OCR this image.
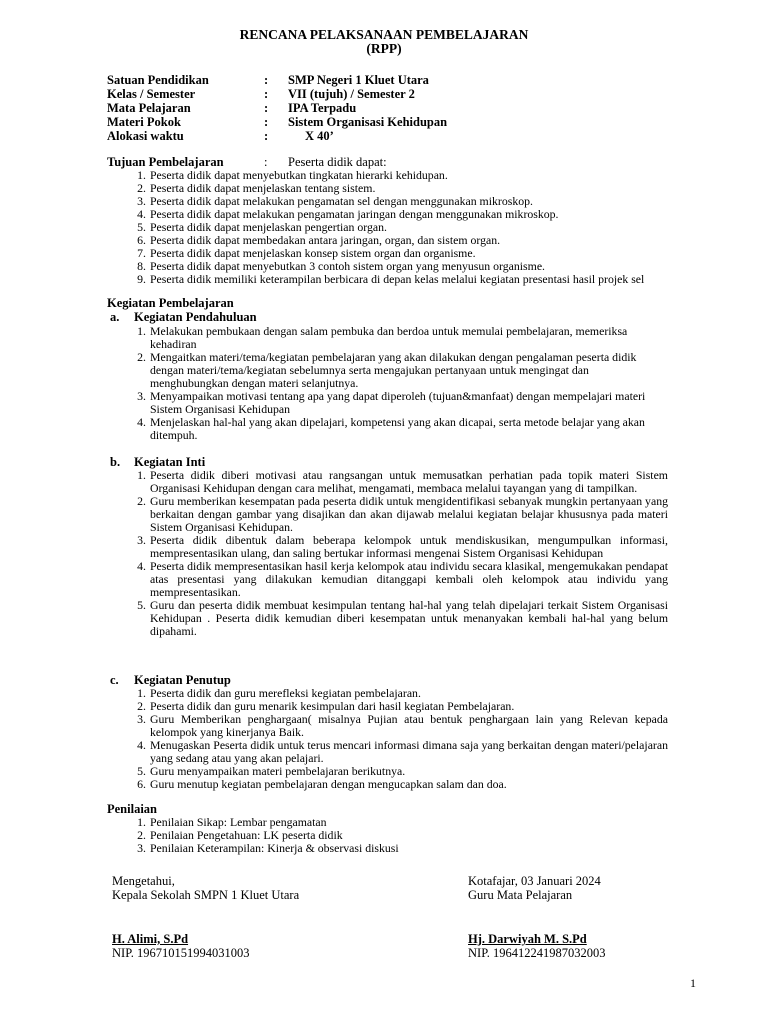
RENCANA PELAKSANAAN PEMBELAJARAN
(RPP)
Satuan Pendidikan	: SMP Negeri 1 Kluet Utara
Kelas / Semester	: VII (tujuh) / Semester 2
Mata Pelajaran	: IPA Terpadu
Materi Pokok	: Sistem Organisasi Kehidupan
Alokasi waktu	:	X 40’
Tujuan Pembelajaran	: Peserta didik dapat:
1. Peserta didik dapat menyebutkan tingkatan hierarki kehidupan.
2. Peserta didik dapat menjelaskan tentang sistem.
3. Peserta didik dapat melakukan pengamatan sel dengan menggunakan mikroskop.
4. Peserta didik dapat melakukan pengamatan jaringan dengan menggunakan mikroskop.
5. Peserta didik dapat menjelaskan pengertian organ.
6. Peserta didik dapat membedakan antara jaringan, organ, dan sistem organ.
7. Peserta didik dapat menjelaskan konsep sistem organ dan organisme.
8. Peserta didik dapat menyebutkan 3 contoh sistem organ yang menyusun organisme.
9. Peserta didik memiliki keterampilan berbicara di depan kelas melalui kegiatan presentasi hasil projek sel
Kegiatan Pembelajaran
a. Kegiatan Pendahuluan
1. Melakukan pembukaan dengan salam pembuka dan berdoa untuk memulai pembelajaran, memeriksa kehadiran
2. Mengaitkan materi/tema/kegiatan pembelajaran yang akan dilakukan dengan pengalaman peserta didik dengan materi/tema/kegiatan sebelumnya serta mengajukan pertanyaan untuk mengingat dan menghubungkan dengan materi selanjutnya.
3. Menyampaikan motivasi tentang apa yang dapat diperoleh (tujuan&manfaat) dengan mempelajari materi Sistem Organisasi Kehidupan
4. Menjelaskan hal-hal yang akan dipelajari, kompetensi yang akan dicapai, serta metode belajar yang akan ditempuh.
b. Kegiatan Inti
1. Peserta didik diberi motivasi atau rangsangan untuk memusatkan perhatian pada topik materi Sistem Organisasi Kehidupan dengan cara melihat, mengamati, membaca melalui tayangan yang di tampilkan.
2. Guru memberikan kesempatan pada peserta didik untuk mengidentifikasi sebanyak mungkin pertanyaan yang berkaitan dengan gambar yang disajikan dan akan dijawab melalui kegiatan belajar khususnya pada materi Sistem Organisasi Kehidupan.
3. Peserta didik dibentuk dalam beberapa kelompok untuk mendiskusikan, mengumpulkan informasi, mempresentasikan ulang, dan saling bertukar informasi mengenai Sistem Organisasi Kehidupan
4. Peserta didik mempresentasikan hasil kerja kelompok atau individu secara klasikal, mengemukakan pendapat atas presentasi yang dilakukan kemudian ditanggapi kembali oleh kelompok atau individu yang mempresentasikan.
5. Guru dan peserta didik membuat kesimpulan tentang hal-hal yang telah dipelajari terkait Sistem Organisasi Kehidupan . Peserta didik kemudian diberi kesempatan untuk menanyakan kembali hal-hal yang belum dipahami.
c. Kegiatan Penutup
1. Peserta didik dan guru merefleksi kegiatan pembelajaran.
2. Peserta didik dan guru menarik kesimpulan dari hasil kegiatan Pembelajaran.
3. Guru Memberikan penghargaan( misalnya Pujian atau bentuk penghargaan lain yang Relevan kepada kelompok yang kinerjanya Baik.
4. Menugaskan Peserta didik untuk terus mencari informasi dimana saja yang berkaitan dengan materi/pelajaran yang sedang atau yang akan pelajari.
5. Guru menyampaikan materi pembelajaran berikutnya.
6. Guru menutup kegiatan pembelajaran dengan mengucapkan salam dan doa.
Penilaian
1. Penilaian Sikap: Lembar pengamatan
2. Penilaian Pengetahuan: LK peserta didik
3. Penilaian Keterampilan: Kinerja & observasi diskusi
Mengetahui,
Kepala Sekolah SMPN 1 Kluet Utara
H. Alimi, S.Pd
NIP. 196710151994031003
Kotafajar, 03 Januari 2024
Guru Mata Pelajaran
Hj. Darwiyah M. S.Pd
NIP. 196412241987032003
1
